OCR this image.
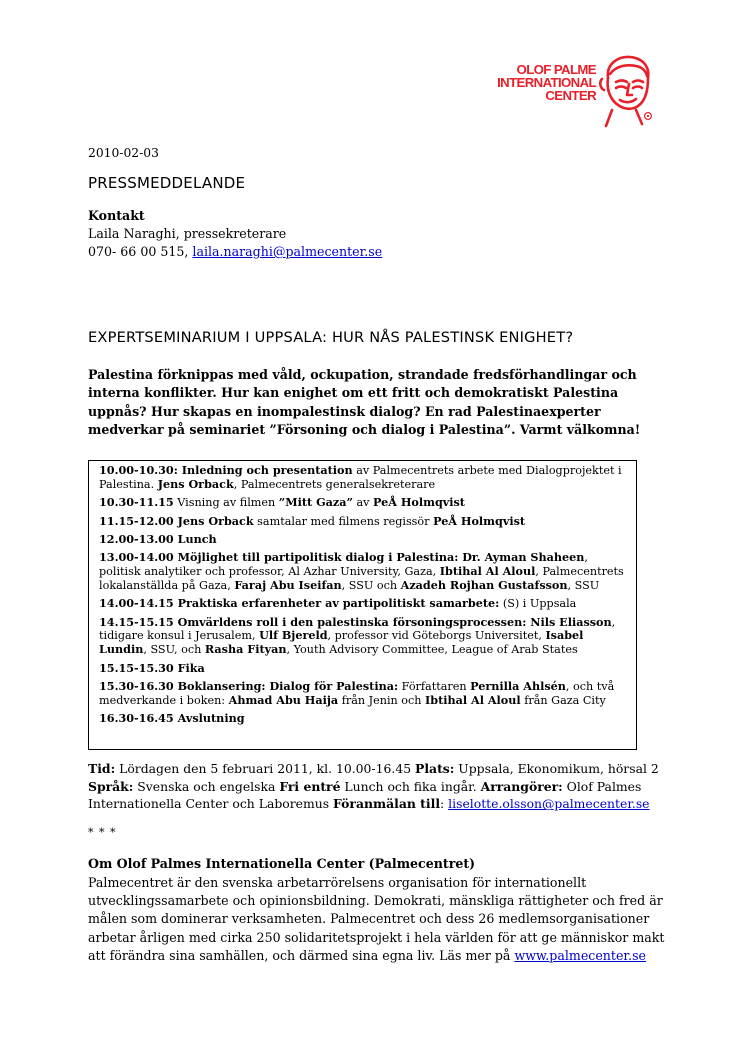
OLOF PALME
INTERNATIONAL
CENTER
2010-02-03
PRESSMEDDELANDE
Kontakt
Laila Naraghi, pressekreterare
070- 66 00 515, laila.naraghi@palmecenter.se
EXPERTSEMINARIUM I UPPSALA: HUR NÅS PALESTINSK ENIGHET?
Palestina förknippas med våld, ockupation, strandade fredsförhandlingar och interna konflikter. Hur kan enighet om ett fritt och demokratiskt Palestina uppnås? Hur skapas en inompalestinsk dialog? En rad Palestinaexperter medverkar på seminariet ”Försoning och dialog i Palestina”. Varmt välkomna!
10.00-10.30: Inledning och presentation av Palmecentrets arbete med Dialogprojektet i Palestina. Jens Orback, Palmecentrets generalsekreterare
10.30-11.15 Visning av filmen ”Mitt Gaza” av PeÅ Holmqvist
11.15-12.00 Jens Orback samtalar med filmens regissör PeÅ Holmqvist
12.00-13.00 Lunch
13.00-14.00 Möjlighet till partipolitisk dialog i Palestina: Dr. Ayman Shaheen, politisk analytiker och professor, Al Azhar University, Gaza, Ibtihal Al Aloul, Palmecentrets lokalanställda på Gaza, Faraj Abu Iseifan, SSU och Azadeh Rojhan Gustafsson, SSU
14.00-14.15 Praktiska erfarenheter av partipolitiskt samarbete: (S) i Uppsala
14.15-15.15 Omvärldens roll i den palestinska försoningsprocessen: Nils Eliasson, tidigare konsul i Jerusalem, Ulf Bjereld, professor vid Göteborgs Universitet, Isabel Lundin, SSU, och Rasha Fityan, Youth Advisory Committee, League of Arab States
15.15-15.30 Fika
15.30-16.30 Boklansering: Dialog för Palestina: Författaren Pernilla Ahlsén, och två medverkande i boken: Ahmad Abu Haija från Jenin och Ibtihal Al Aloul från Gaza City
16.30-16.45 Avslutning
Tid: Lördagen den 5 februari 2011, kl. 10.00-16.45 Plats: Uppsala, Ekonomikum, hörsal 2
Språk: Svenska och engelska Fri entré Lunch och fika ingår. Arrangörer: Olof Palmes Internationella Center och Laboremus Föranmälan till: liselotte.olsson@palmecenter.se
* * *
Om Olof Palmes Internationella Center (Palmecentret)
Palmecentret är den svenska arbetarrörelsens organisation för internationellt utvecklingssamarbete och opinionsbildning. Demokrati, mänskliga rättigheter och fred är målen som dominerar verksamheten. Palmecentret och dess 26 medlemsorganisationer arbetar årligen med cirka 250 solidaritetsprojekt i hela världen för att ge människor makt att förändra sina samhällen, och därmed sina egna liv. Läs mer på www.palmecenter.se
